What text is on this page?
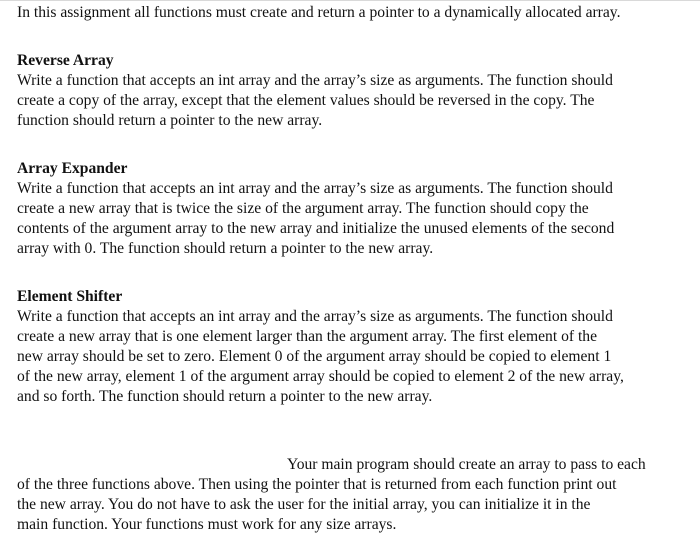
In this assignment all functions must create and return a pointer to a dynamically allocated array.
Reverse Array
Write a function that accepts an int array and the array’s size as arguments. The function should
create a copy of the array, except that the element values should be reversed in the copy. The
function should return a pointer to the new array.
Array Expander
Write a function that accepts an int array and the array’s size as arguments. The function should
create a new array that is twice the size of the argument array. The function should copy the
contents of the argument array to the new array and initialize the unused elements of the second
array with 0. The function should return a pointer to the new array.
Element Shifter
Write a function that accepts an int array and the array’s size as arguments. The function should
create a new array that is one element larger than the argument array. The first element of the
new array should be set to zero. Element 0 of the argument array should be copied to element 1
of the new array, element 1 of the argument array should be copied to element 2 of the new array,
and so forth. The function should return a pointer to the new array.
Your main program should create an array to pass to each
of the three functions above. Then using the pointer that is returned from each function print out
the new array. You do not have to ask the user for the initial array, you can initialize it in the
main function. Your functions must work for any size arrays.
